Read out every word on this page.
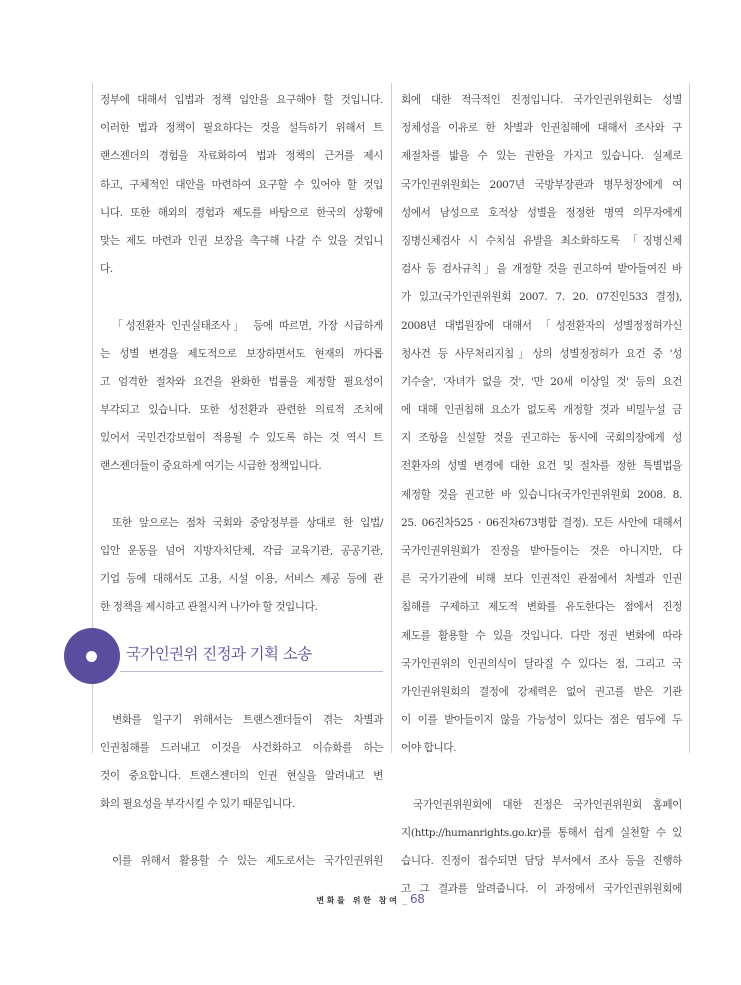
정부에 대해서 입법과 정책 입안을 요구해야 할 것입니다.
이러한 법과 정책이 필요하다는 것을 설득하기 위해서 트
랜스젠더의 경험을 자료화하여 법과 정책의 근거를 제시
하고, 구체적인 대안을 마련하여 요구할 수 있어야 할 것입
니다. 또한 해외의 경험과 제도를 바탕으로 한국의 상황에
맞는 제도 마련과 인권 보장을 촉구해 나갈 수 있을 것입니
다.
「성전환자 인권실태조사」 등에 따르면, 가장 시급하게
는 성별 변경을 제도적으로 보장하면서도 현재의 까다롭
고 엄격한 절차와 요건을 완화한 법률을 제정할 필요성이
부각되고 있습니다. 또한 성전환과 관련한 의료적 조치에
있어서 국민건강보험이 적용될 수 있도록 하는 것 역시 트
랜스젠더들이 중요하게 여기는 시급한 정책입니다.
또한 앞으로는 점차 국회와 중앙정부를 상대로 한 입법/
입안 운동을 넘어 지방자치단체, 각급 교육기관, 공공기관,
기업 등에 대해서도 고용, 시설 이용, 서비스 제공 등에 관
한 정책을 제시하고 관철시켜 나가야 할 것입니다.
국가인권위 진정과 기획 소송
변화를 일구기 위해서는 트랜스젠더들이 겪는 차별과
인권침해를 드러내고 이것을 사건화하고 이슈화를 하는
것이 중요합니다. 트랜스젠더의 인권 현실을 알려내고 변
화의 필요성을 부각시킬 수 있기 때문입니다.
이를 위해서 활용할 수 있는 제도로서는 국가인권위원
회에 대한 적극적인 진정입니다. 국가인권위원회는 성별
정체성을 이유로 한 차별과 인권침해에 대해서 조사와 구
제절차를 밟을 수 있는 권한을 가지고 있습니다. 실제로
국가인권위원회는 2007년 국방부장관과 병무청장에게 여
성에서 남성으로 호적상 성별을 정정한 병역 의무자에게
징병신체검사 시 수치심 유발을 최소화하도록 「징병신체
검사 등 검사규칙」을 개정할 것을 권고하여 받아들여진 바
가 있고(국가인권위원회 2007. 7. 20. 07진인533 결정),
2008년 대법원장에 대해서 「성전환자의 성별정정허가신
청사건 등 사무처리지침」상의 성별정정허가 요건 중 '성
기수술', '자녀가 없을 것', '만 20세 이상일 것' 등의 요건
에 대해 인권침해 요소가 없도록 개정할 것과 비밀누설 금
지 조항을 신설할 것을 권고하는 동시에 국회의장에게 성
전환자의 성별 변경에 대한 요건 및 절차를 정한 특별법을
제정할 것을 권고한 바 있습니다(국가인권위원회 2008. 8.
25. 06진차525 · 06진차673병합 결정). 모든 사안에 대해서
국가인권위원회가 진정을 받아들이는 것은 아니지만, 다
른 국가기관에 비해 보다 인권적인 관점에서 차별과 인권
침해를 구제하고 제도적 변화를 유도한다는 점에서 진정
제도를 활용할 수 있을 것입니다. 다만 정권 변화에 따라
국가인권위의 인권의식이 달라질 수 있다는 점, 그리고 국
가인권위원회의 결정에 강제력은 없어 권고를 받은 기관
이 이를 받아들이지 않을 가능성이 있다는 점은 염두에 두
어야 합니다.
국가인권위원회에 대한 진정은 국가인권위원회 홈페이
지(http://humanrights.go.kr)를 통해서 쉽게 실천할 수 있
습니다. 진정이 접수되면 담당 부서에서 조사 등을 진행하
고 그 결과를 알려줍니다. 이 과정에서 국가인권위원회에
변화를 위한 참여 _ 68
